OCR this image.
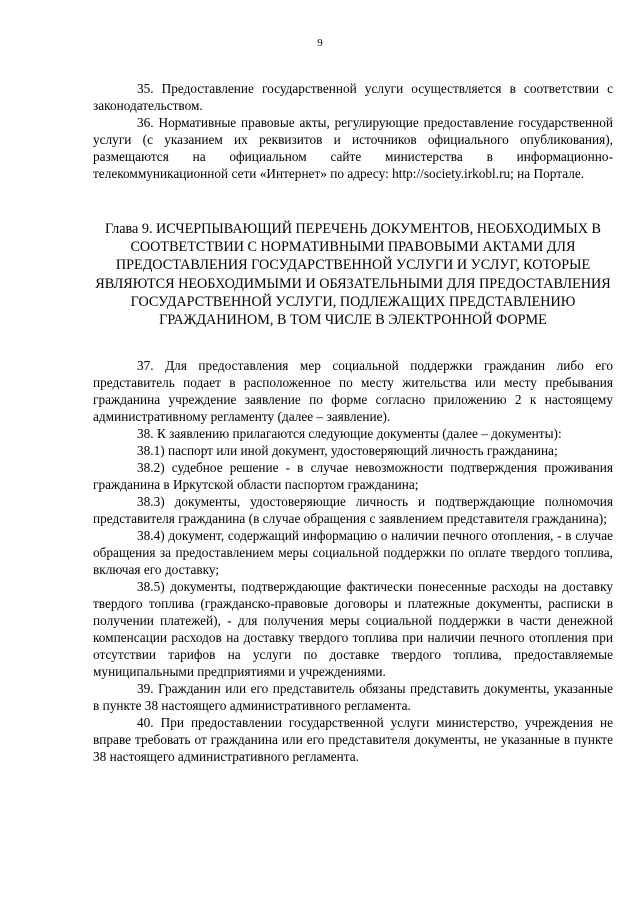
9

35. Предоставление государственной услуги осуществляется в соответствии с законодательством.

36. Нормативные правовые акты, регулирующие предоставление государственной услуги (с указанием их реквизитов и источников официального опубликования), размещаются на официальном сайте министерства в информационно-телекоммуникационной сети «Интернет» по адресу: http://society.irkobl.ru; на Портале.

Глава 9. ИСЧЕРПЫВАЮЩИЙ ПЕРЕЧЕНЬ ДОКУМЕНТОВ, НЕОБХОДИМЫХ В СООТВЕТСТВИИ С НОРМАТИВНЫМИ ПРАВОВЫМИ АКТАМИ ДЛЯ ПРЕДОСТАВЛЕНИЯ ГОСУДАРСТВЕННОЙ УСЛУГИ И УСЛУГ, КОТОРЫЕ ЯВЛЯЮТСЯ НЕОБХОДИМЫМИ И ОБЯЗАТЕЛЬНЫМИ ДЛЯ ПРЕДОСТАВЛЕНИЯ ГОСУДАРСТВЕННОЙ УСЛУГИ, ПОДЛЕЖАЩИХ ПРЕДСТАВЛЕНИЮ ГРАЖДАНИНОМ, В ТОМ ЧИСЛЕ В ЭЛЕКТРОННОЙ ФОРМЕ

37. Для предоставления мер социальной поддержки гражданин либо его представитель подает в расположенное по месту жительства или месту пребывания гражданина учреждение заявление по форме согласно приложению 2 к настоящему административному регламенту (далее – заявление).

38. К заявлению прилагаются следующие документы (далее – документы):

38.1) паспорт или иной документ, удостоверяющий личность гражданина;

38.2) судебное решение - в случае невозможности подтверждения проживания гражданина в Иркутской области паспортом гражданина;

38.3) документы, удостоверяющие личность и подтверждающие полномочия представителя гражданина (в случае обращения с заявлением представителя гражданина);

38.4) документ, содержащий информацию о наличии печного отопления, - в случае обращения за предоставлением меры социальной поддержки по оплате твердого топлива, включая его доставку;

38.5) документы, подтверждающие фактически понесенные расходы на доставку твердого топлива (гражданско-правовые договоры и платежные документы, расписки в получении платежей), - для получения меры социальной поддержки в части денежной компенсации расходов на доставку твердого топлива при наличии печного отопления при отсутствии тарифов на услуги по доставке твердого топлива, предоставляемые муниципальными предприятиями и учреждениями.

39. Гражданин или его представитель обязаны представить документы, указанные в пункте 38 настоящего административного регламента.

40. При предоставлении государственной услуги министерство, учреждения не вправе требовать от гражданина или его представителя документы, не указанные в пункте 38 настоящего административного регламента.
